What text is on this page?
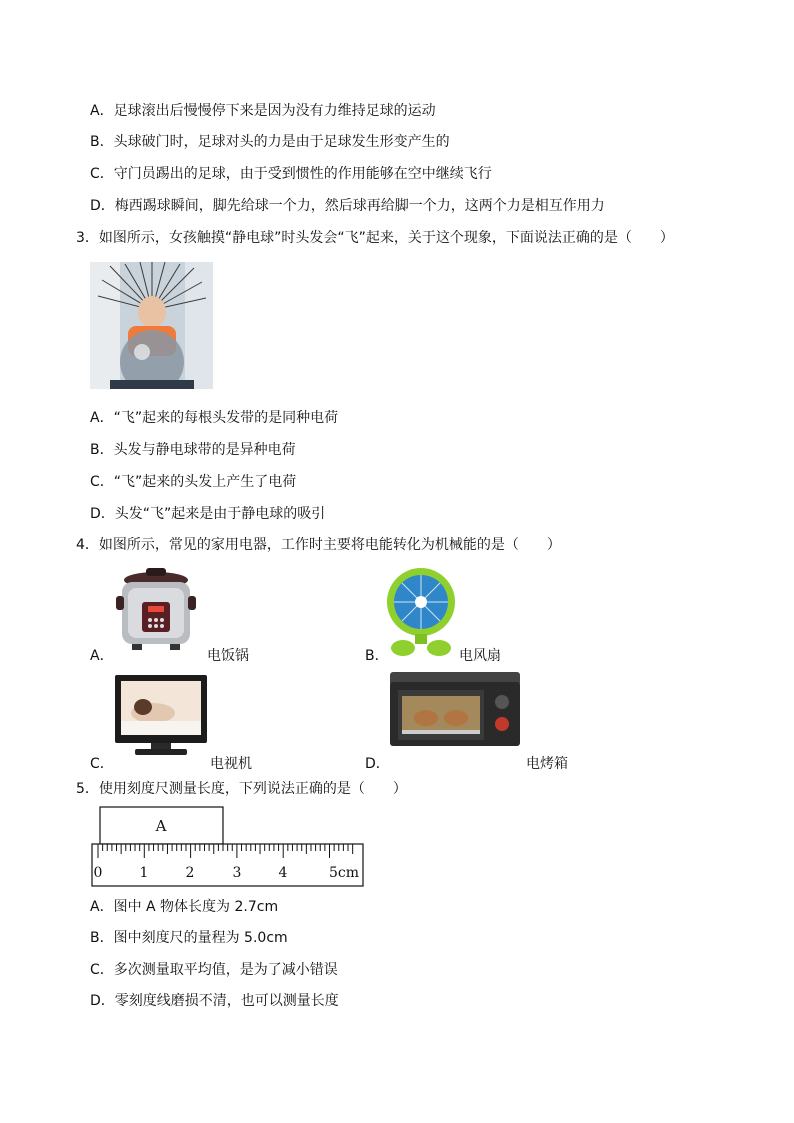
A．足球滚出后慢慢停下来是因为没有力维持足球的运动
B．头球破门时，足球对头的力是由于足球发生形变产生的
C．守门员踢出的足球，由于受到惯性的作用能够在空中继续飞行
D．梅西踢球瞬间，脚先给球一个力，然后球再给脚一个力，这两个力是相互作用力
3．如图所示，女孩触摸“静电球”时头发会“飞”起来，关于这个现象，下面说法正确的是（　　）
A．“飞”起来的每根头发带的是同种电荷
B．头发与静电球带的是异种电荷
C．“飞”起来的头发上产生了电荷
D．头发“飞”起来是由于静电球的吸引
4．如图所示，常见的家用电器，工作时主要将电能转化为机械能的是（　　）
A．	电饭锅	B．	电风扇
C．	电视机	D．	电烤箱
5．使用刻度尺测量长度，下列说法正确的是（　　）
A
0	1	2	3	4	5cm
A．图中 A 物体长度为 2.7cm
B．图中刻度尺的量程为 5.0cm
C．多次测量取平均值，是为了减小错误
D．零刻度线磨损不清，也可以测量长度
